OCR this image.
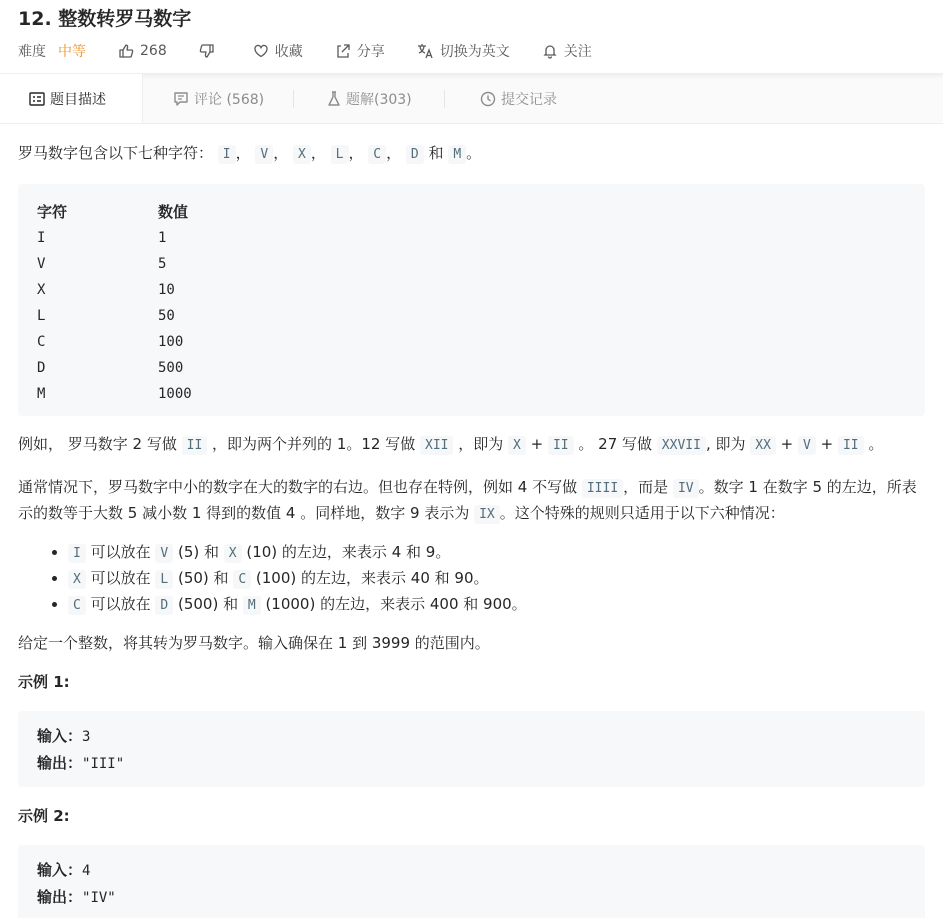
12. 整数转罗马数字
难度 中等	268	收藏	分享	切换为英文	关注
题目描述	评论 (568)	题解(303)	提交记录

罗马数字包含以下七种字符： I ， V ， X ， L ， C ， D 和 M 。

字符	数值
I	1
V	5
X	10
L	50
C	100
D	500
M	1000

例如， 罗马数字 2 写做 II ，即为两个并列的 1。12 写做 XII ，即为 X + II 。 27 写做 XXVII , 即为 XX + V + II 。

通常情况下，罗马数字中小的数字在大的数字的右边。但也存在特例，例如 4 不写做 IIII ，而是 IV 。数字 1 在数字 5 的左边，所表示的数等于大数 5 减小数 1 得到的数值 4 。同样地，数字 9 表示为 IX 。这个特殊的规则只适用于以下六种情况：

• I 可以放在 V (5) 和 X (10) 的左边，来表示 4 和 9。
• X 可以放在 L (50) 和 C (100) 的左边，来表示 40 和 90。
• C 可以放在 D (500) 和 M (1000) 的左边，来表示 400 和 900。

给定一个整数，将其转为罗马数字。输入确保在 1 到 3999 的范围内。

示例 1:
输入：3
输出："III"
示例 2:
输入：4
输出："IV"
